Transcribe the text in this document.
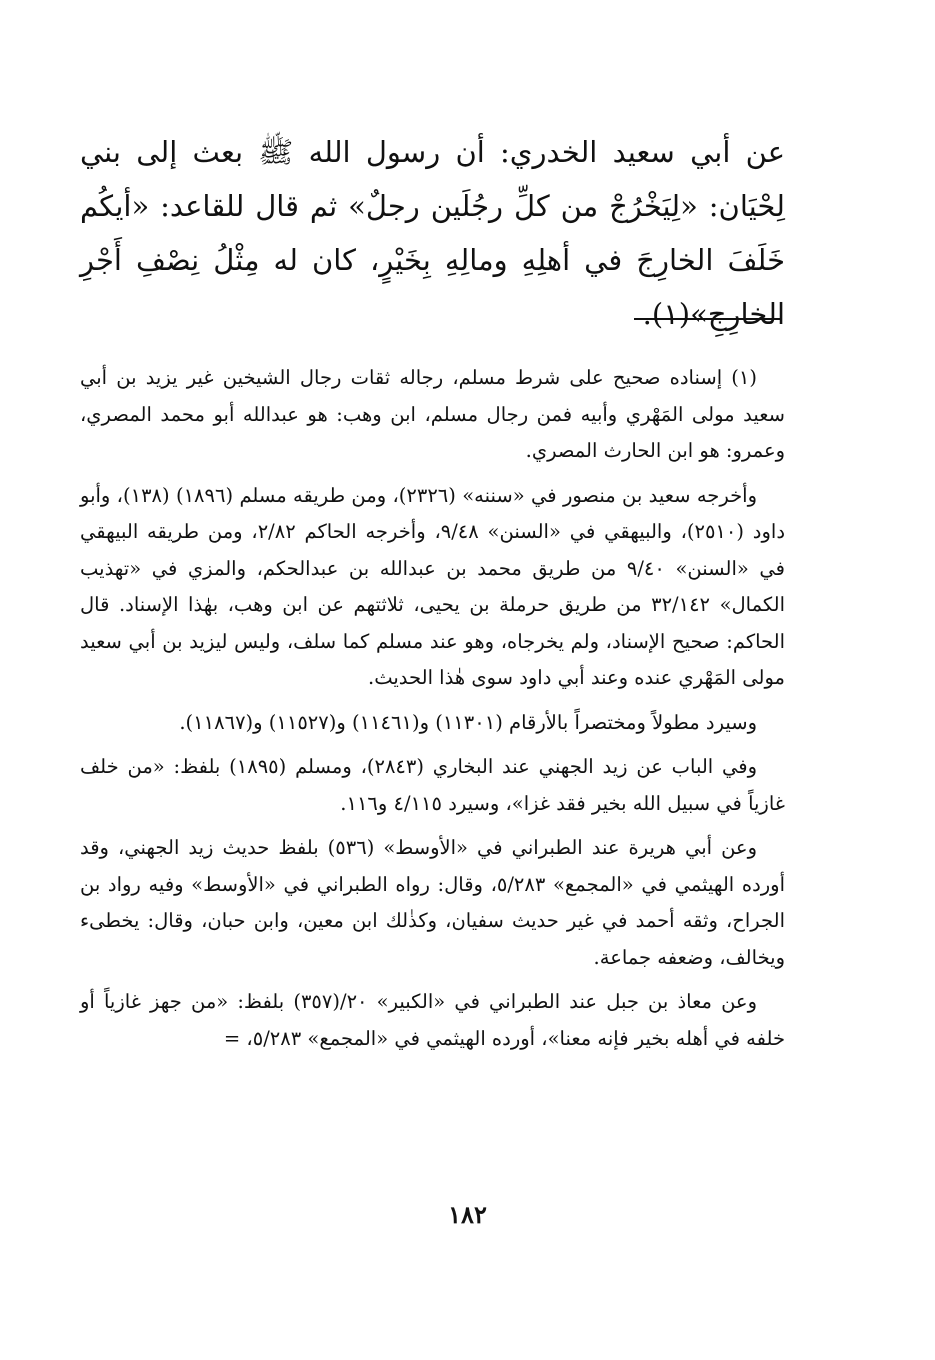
عن أبي سعيد الخدري: أن رسول الله ﷺ بعث إلى بني لِحْيَان: «لِيَخْرُجْ من كلِّ رجُلَين رجلٌ» ثم قال للقاعد: «أيكُم خَلَفَ الخارِجَ في أهلِهِ ومالِهِ بِخَيْرٍ، كان له مِثْلُ نِصْفِ أَجْرِ الخارِجِ»(١).

(١) إسناده صحيح على شرط مسلم، رجاله ثقات رجال الشيخين غير يزيد بن أبي سعيد مولى المَهْري وأبيه فمن رجال مسلم، ابن وهب: هو عبدالله أبو محمد المصري، وعمرو: هو ابن الحارث المصري.

وأخرجه سعيد بن منصور في «سننه» (٢٣٢٦)، ومن طريقه مسلم (١٨٩٦) (١٣٨)، وأبو داود (٢٥١٠)، والبيهقي في «السنن» ٩/٤٨، وأخرجه الحاكم ٢/٨٢، ومن طريقه البيهقي في «السنن» ٩/٤٠ من طريق محمد بن عبدالله بن عبدالحكم، والمزي في «تهذيب الكمال» ٣٢/١٤٢ من طريق حرملة بن يحيى، ثلاثتهم عن ابن وهب، بهٰذا الإسناد. قال الحاكم: صحيح الإسناد، ولم يخرجاه، وهو عند مسلم كما سلف، وليس ليزيد بن أبي سعيد مولى المَهْري عنده وعند أبي داود سوى هٰذا الحديث.

وسيرد مطولاً ومختصراً بالأرقام (١١٣٠١) و(١١٤٦١) و(١١٥٢٧) و(١١٨٦٧).

وفي الباب عن زيد الجهني عند البخاري (٢٨٤٣)، ومسلم (١٨٩٥) بلفظ: «من خلف غازياً في سبيل الله بخير فقد غزا»، وسيرد ٤/١١٥ و١١٦.

وعن أبي هريرة عند الطبراني في «الأوسط» (٥٣٦) بلفظ حديث زيد الجهني، وقد أورده الهيثمي في «المجمع» ٥/٢٨٣، وقال: رواه الطبراني في «الأوسط» وفيه رواد بن الجراح، وثقه أحمد في غير حديث سفيان، وكذٰلك ابن معين، وابن حبان، وقال: يخطىء ويخالف، وضعفه جماعة.

وعن معاذ بن جبل عند الطبراني في «الكبير» ٢٠/(٣٥٧) بلفظ: «من جهز غازياً أو خلفه في أهله بخير فإنه معنا»، أورده الهيثمي في «المجمع» ٥/٢٨٣، =

١٨٢
